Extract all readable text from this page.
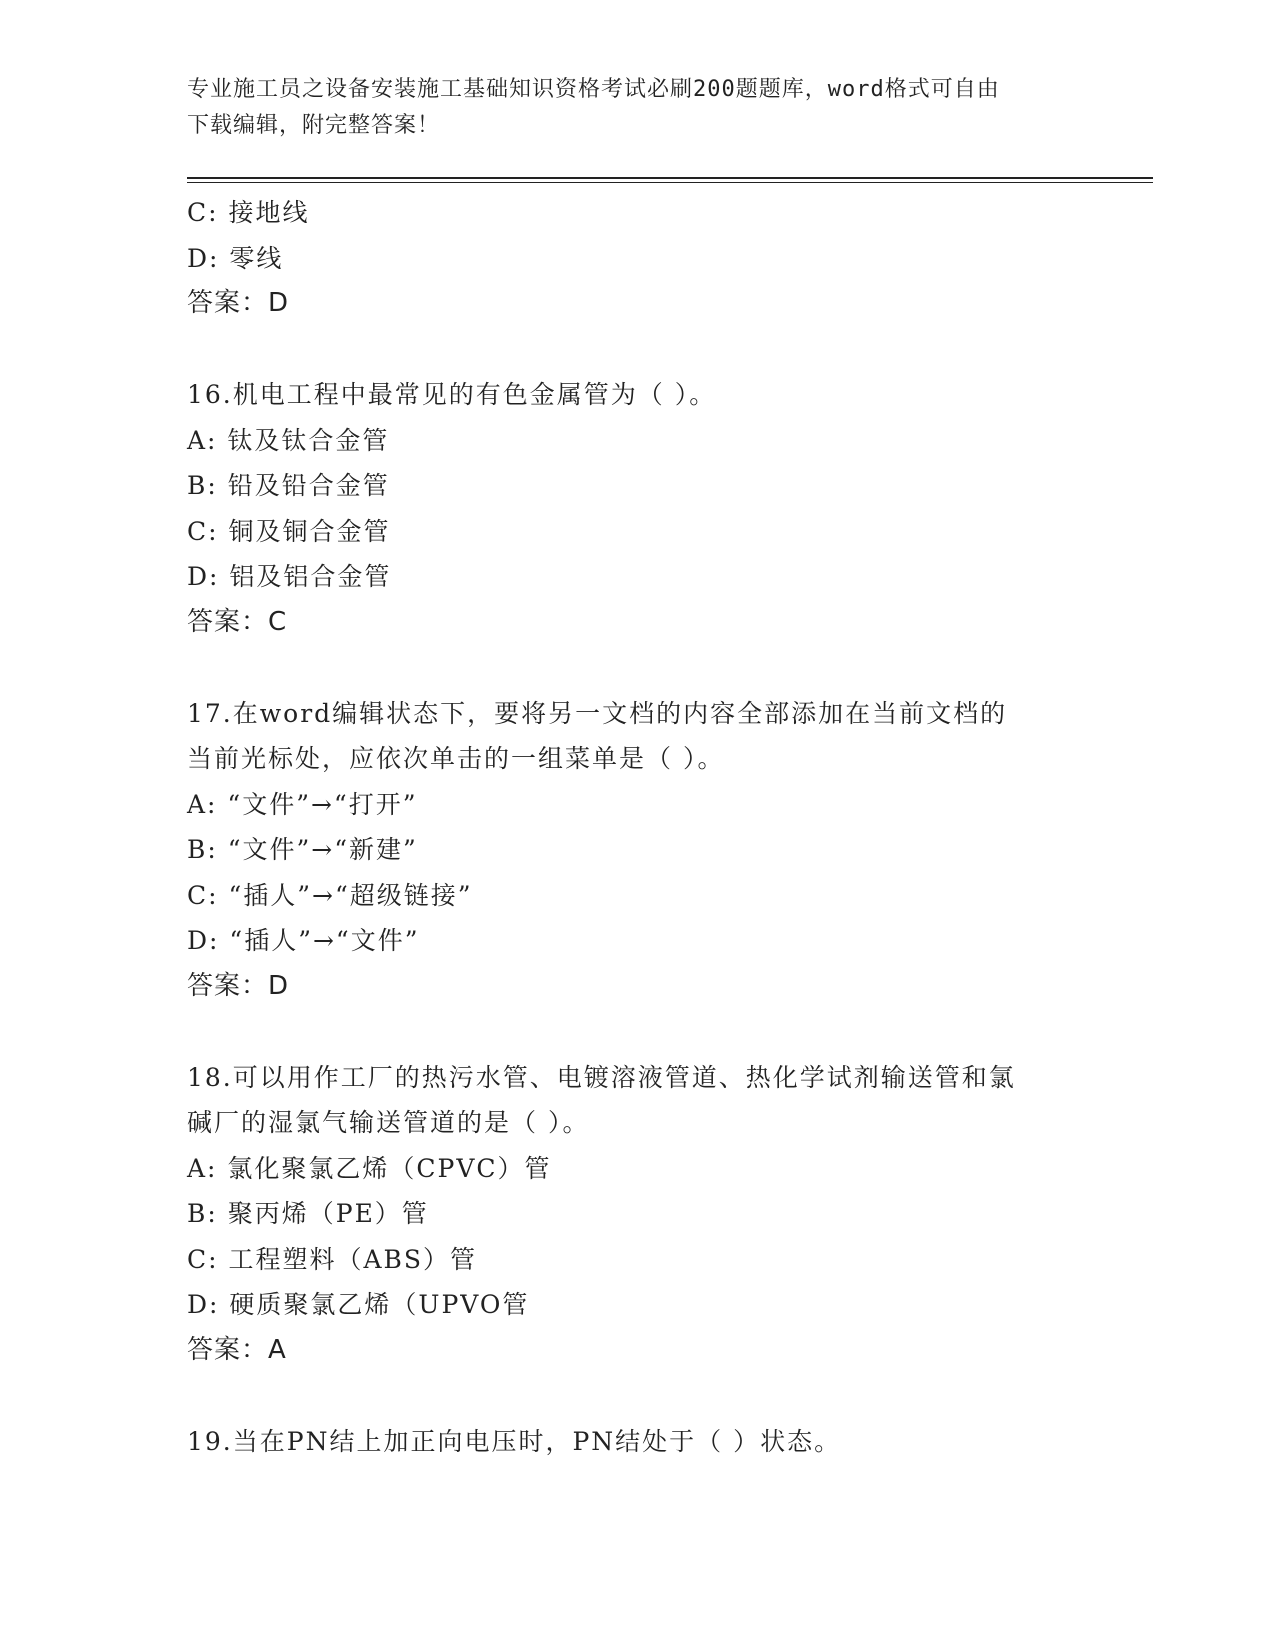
专业施工员之设备安装施工基础知识资格考试必刷200题题库，word格式可自由
下载编辑，附完整答案！
C: 接地线
D: 零线
答案：D
16.机电工程中最常见的有色金属管为（ ）。
A: 钛及钛合金管
B: 铅及铅合金管
C: 铜及铜合金管
D: 铝及铝合金管
答案：C
17.在word编辑状态下，要将另一文档的内容全部添加在当前文档的
当前光标处，应依次单击的一组菜单是（ ）。
A: “文件”→“打开”
B: “文件”→“新建”
C: “插人”→“超级链接”
D: “插人”→“文件”
答案：D
18.可以用作工厂的热污水管、电镀溶液管道、热化学试剂输送管和氯
碱厂的湿氯气输送管道的是（ ）。
A: 氯化聚氯乙烯（CPVC）管
B: 聚丙烯（PE）管
C: 工程塑料（ABS）管
D: 硬质聚氯乙烯（UPVO管
答案：A
19.当在PN结上加正向电压时，PN结处于（ ）状态。
